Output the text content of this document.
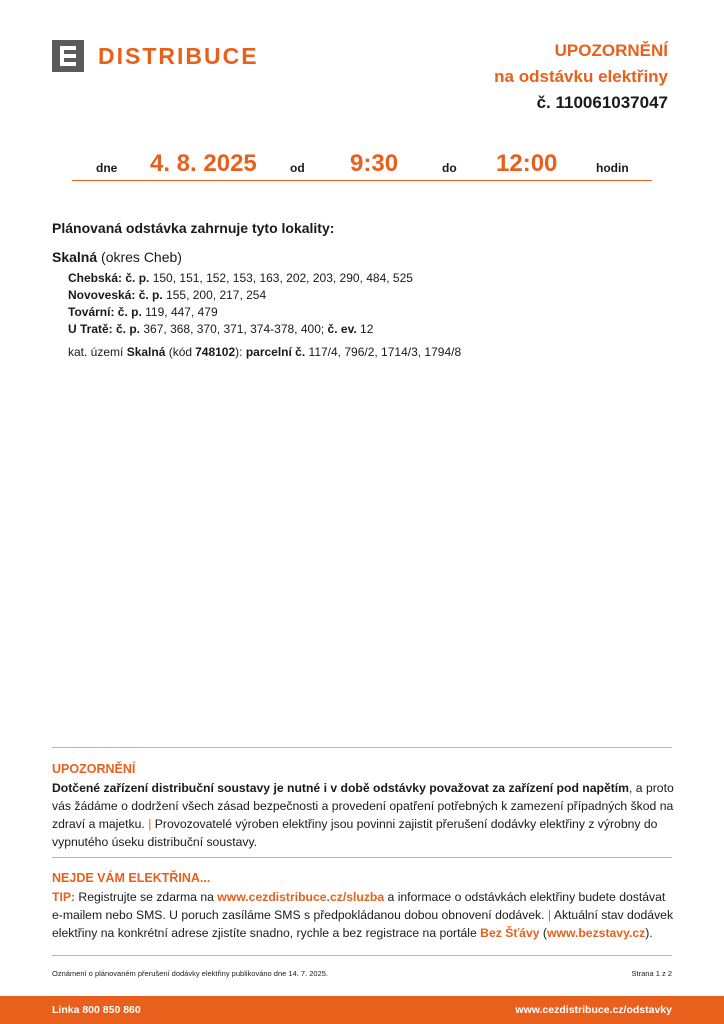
DISTRIBUCE	UPOZORNĚNÍ
na odstávku elektřiny
č. 110061037047
dne 4. 8. 2025	od 9:30	do 12:00	hodin
Plánovaná odstávka zahrnuje tyto lokality:
Skalná (okres Cheb)
Chebská: č. p. 150, 151, 152, 153, 163, 202, 203, 290, 484, 525
Novoveská: č. p. 155, 200, 217, 254
Tovární: č. p. 119, 447, 479
U Tratě: č. p. 367, 368, 370, 371, 374-378, 400; č. ev. 12
kat. území Skalná (kód 748102): parcelní č. 117/4, 796/2, 1714/3, 1794/8
UPOZORNĚNÍ
Dotčené zařízení distribuční soustavy je nutné i v době odstávky považovat za zařízení pod napětím, a proto vás žádáme o dodržení všech zásad bezpečnosti a provedení opatření potřebných k zamezení případných škod na zdraví a majetku. | Provozovatelé výroben elektřiny jsou povinni zajistit přerušení dodávky elektřiny z výrobny do vypnutého úseku distribuční soustavy.
NEJDE VÁM ELEKTŘINA...
TIP: Registrujte se zdarma na www.cezdistribuce.cz/sluzba a informace o odstávkách elektřiny budete dostávat e-mailem nebo SMS. U poruch zasíláme SMS s předpokládanou dobou obnovení dodávek. | Aktuální stav dodávek elektřiny na konkrétní adrese zjistíte snadno, rychle a bez registrace na portále Bez Šťávy (www.bezstavy.cz).
Oznámení o plánovaném přerušení dodávky elektřiny publikováno dne 14. 7. 2025.	Strana 1 z 2
Linka 800 850 860	www.cezdistribuce.cz/odstavky
